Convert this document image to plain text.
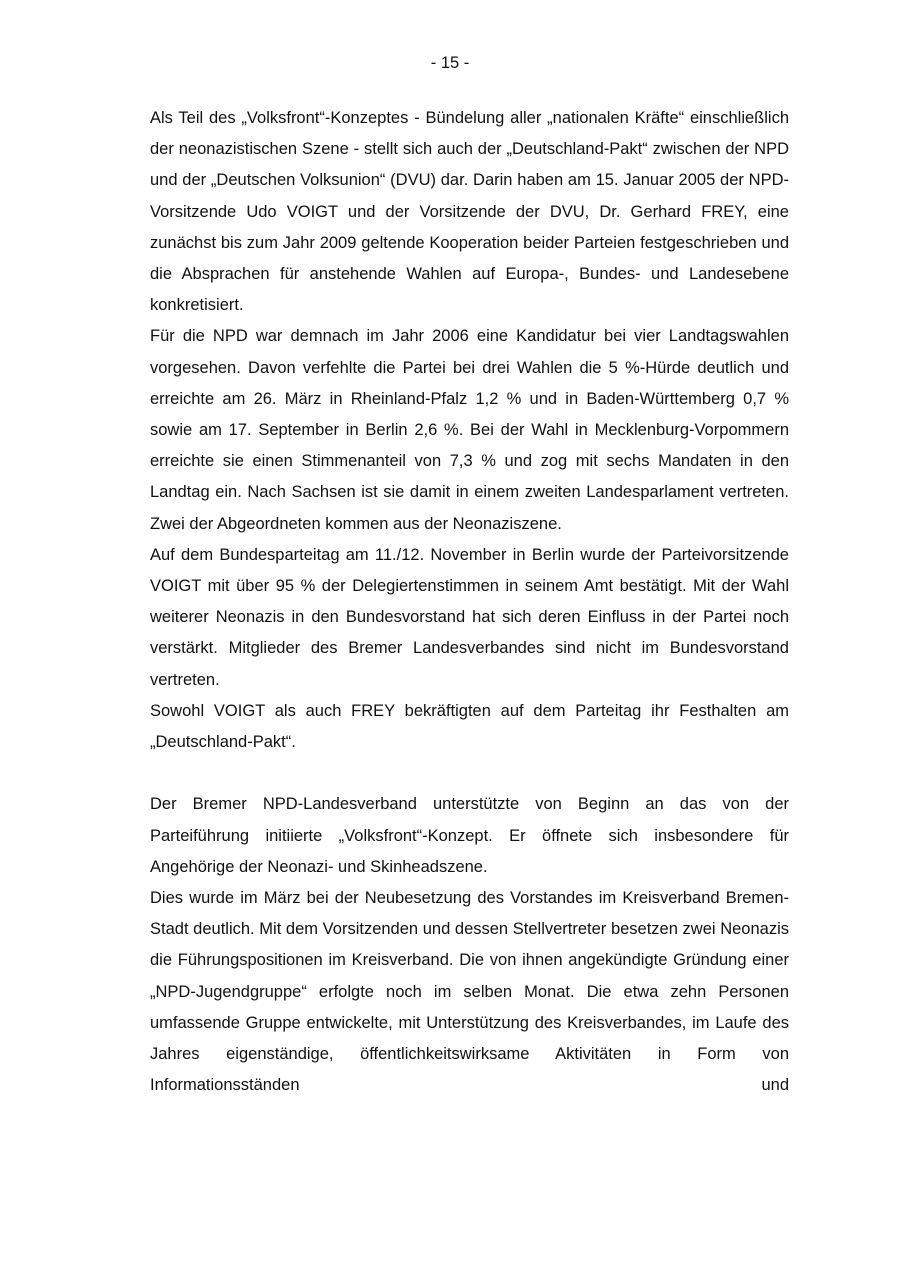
- 15 -

Als Teil des „Volksfront“-Konzeptes - Bündelung aller „nationalen Kräfte“ einschließlich der neonazistischen Szene - stellt sich auch der „Deutschland-Pakt“ zwischen der NPD und der „Deutschen Volksunion“ (DVU) dar. Darin haben am 15. Januar 2005 der NPD-Vorsitzende Udo VOIGT und der Vorsitzende der DVU, Dr. Gerhard FREY, eine zunächst bis zum Jahr 2009 geltende Kooperation beider Parteien festgeschrieben und die Absprachen für anstehende Wahlen auf Europa-, Bundes- und Landesebene konkretisiert.

Für die NPD war demnach im Jahr 2006 eine Kandidatur bei vier Landtagswahlen vorgesehen. Davon verfehlte die Partei bei drei Wahlen die 5 %-Hürde deutlich und erreichte am 26. März in Rheinland-Pfalz 1,2 % und in Baden-Württemberg 0,7 % sowie am 17. September in Berlin 2,6 %. Bei der Wahl in Mecklenburg-Vorpommern erreichte sie einen Stimmenanteil von 7,3 % und zog mit sechs Mandaten in den Landtag ein. Nach Sachsen ist sie damit in einem zweiten Landesparlament vertreten. Zwei der Abgeordneten kommen aus der Neonaziszene.

Auf dem Bundesparteitag am 11./12. November in Berlin wurde der Parteivorsitzende VOIGT mit über 95 % der Delegiertenstimmen in seinem Amt bestätigt. Mit der Wahl weiterer Neonazis in den Bundesvorstand hat sich deren Einfluss in der Partei noch verstärkt. Mitglieder des Bremer Landesverbandes sind nicht im Bundesvorstand vertreten.

Sowohl VOIGT als auch FREY bekräftigten auf dem Parteitag ihr Festhalten am „Deutschland-Pakt“.

Der Bremer NPD-Landesverband unterstützte von Beginn an das von der Parteiführung initiierte „Volksfront“-Konzept. Er öffnete sich insbesondere für Angehörige der Neonazi- und Skinheadszene.

Dies wurde im März bei der Neubesetzung des Vorstandes im Kreisverband Bremen-Stadt deutlich. Mit dem Vorsitzenden und dessen Stellvertreter besetzen zwei Neonazis die Führungspositionen im Kreisverband. Die von ihnen angekündigte Gründung einer „NPD-Jugendgruppe“ erfolgte noch im selben Monat. Die etwa zehn Personen umfassende Gruppe entwickelte, mit Unterstützung des Kreisverbandes, im Laufe des Jahres eigenständige, öffentlichkeitswirksame Aktivitäten in Form von Informationsständen und
